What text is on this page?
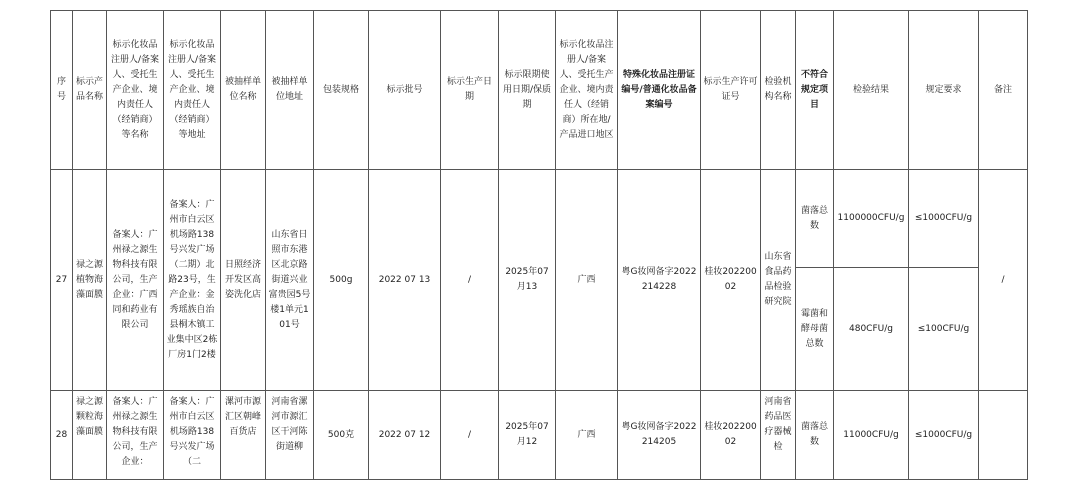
序号	标示产品名称	标示化妆品注册人/备案人、受托生产企业、境内责任人（经销商）等名称	标示化妆品注册人/备案人、受托生产企业、境内责任人（经销商）等地址	被抽样单位名称	被抽样单位地址	包装规格	标示批号	标示生产日期	标示限期使用日期/保质期	标示化妆品注册人/备案人、受托生产企业、境内责任人（经销商）所在地/产品进口地区	特殊化妆品注册证编号/普通化妆品备案编号	标示生产许可证号	检验机构名称	不符合规定项目	检验结果	规定要求	备注
27	禄之源植物海藻面膜	备案人：广州禄之源生物科技有限公司，生产企业：广西同和药业有限公司	备案人：广州市白云区机场路138号兴发广场（二期）北路23号，生产企业：金秀瑶族自治县桐木镇工业集中区2栋厂房1门2楼	日照经济开发区高姿洗化店	山东省日照市东港区北京路街道兴业富贵园5号楼1单元101号	500g	2022 07 13	/	2025年07月13	广西	粤G妆网备字2022214228	桂妆20220002	山东省食品药品检验研究院	菌落总数	1100000CFU/g	≤1000CFU/g	/
														霉菌和酵母菌总数	480CFU/g	≤100CFU/g	
28	禄之源颗粒海藻面膜	备案人：广州禄之源生物科技有限公司，生产企业：	备案人：广州市白云区机场路138号兴发广场（二	漯河市源汇区朝峰百货店	河南省漯河市源汇区干河陈街道柳	500克	2022 07 12	/	2025年07月12	广西	粤G妆网备字2022214205	桂妆20220002	河南省药品医疗器械检	菌落总数	11000CFU/g	≤1000CFU/g	
